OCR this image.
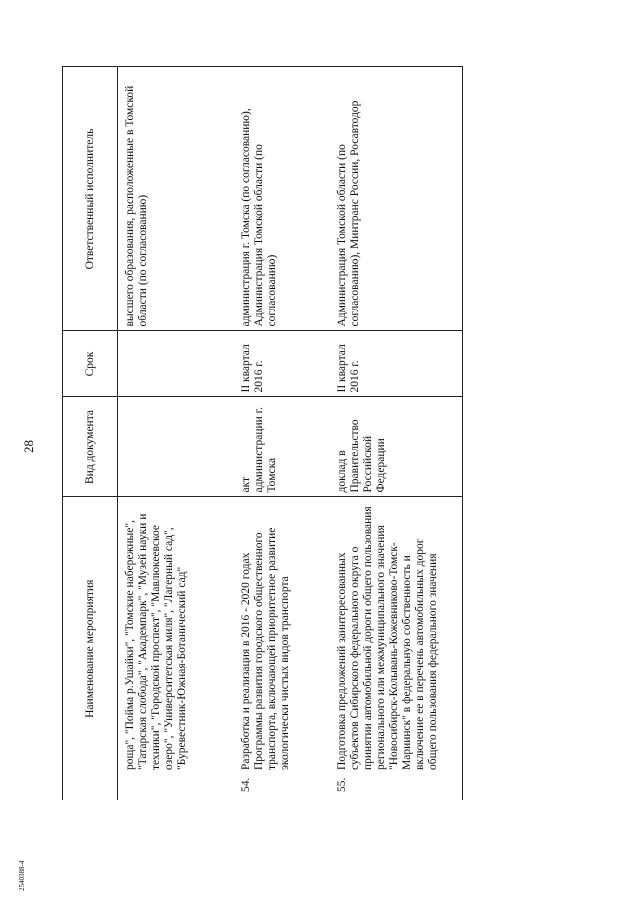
28
2540388-4
Наименование мероприятия	Вид документа	Срок	Ответственный исполнитель

роща", "Пойма р.Ушайки", "Томские набережные", "Татарская слобода", "Академпарк", "Музей науки и техники", "Городской проспект", "Мавлюкеевское озеро", "Университетская миля", "Лагерный сад", "Буревестник-Южная-Ботанический сад"			высшего образования, расположенные в Томской области (по согласованию)
54.Разработка и реализация в 2016 - 2020 годах Программы развития городского общественного транспорта, включающей приоритетное развитие экологически чистых видов транспорта	акт администрации г. Томска	II квартал 2016 г.	администрация г. Томска (по согласованию), Администрация Томской области (по согласованию)
55.Подготовка предложений заинтересованных субъектов Сибирского федерального округа о принятии автомобильной дороги общего пользования регионального или межмуниципального значения "Новосибирск-Колывань-Кожевниково-Томск-Мариинск" в федеральную собственность и включение ее в перечень автомобильных дорог общего пользования федерального значения	доклад в Правительство Российской Федерации	II квартал 2016 г.	Администрация Томской области (по согласованию), Минтранс России, Росавтодор
